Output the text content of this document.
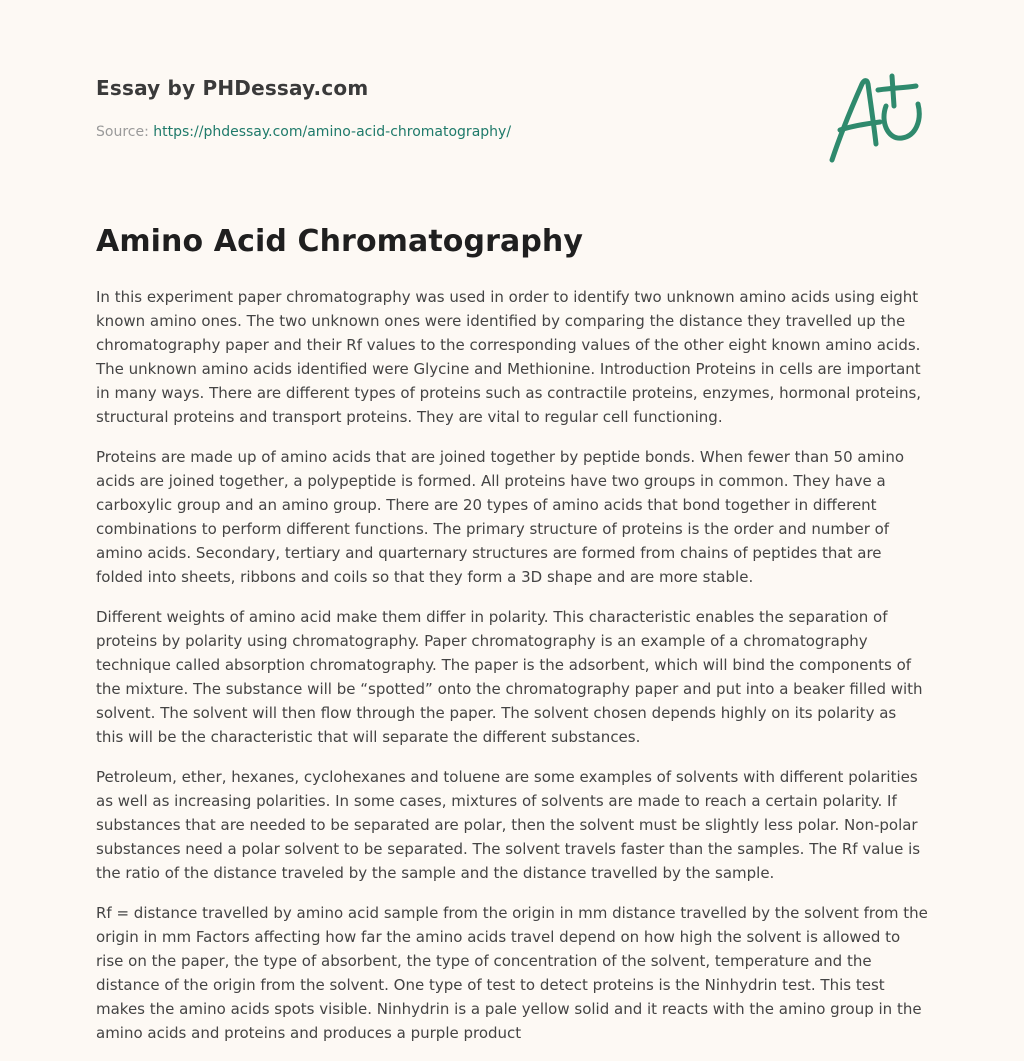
Essay by PHDessay.com

Source: https://phdessay.com/amino-acid-chromatography/

Amino Acid Chromatography

In this experiment paper chromatography was used in order to identify two unknown amino acids using eight known amino ones. The two unknown ones were identified by comparing the distance they travelled up the chromatography paper and their Rf values to the corresponding values of the other eight known amino acids. The unknown amino acids identified were Glycine and Methionine. Introduction Proteins in cells are important in many ways. There are different types of proteins such as contractile proteins, enzymes, hormonal proteins, structural proteins and transport proteins. They are vital to regular cell functioning.

Proteins are made up of amino acids that are joined together by peptide bonds. When fewer than 50 amino acids are joined together, a polypeptide is formed. All proteins have two groups in common. They have a carboxylic group and an amino group. There are 20 types of amino acids that bond together in different combinations to perform different functions. The primary structure of proteins is the order and number of amino acids. Secondary, tertiary and quarternary structures are formed from chains of peptides that are folded into sheets, ribbons and coils so that they form a 3D shape and are more stable.

Different weights of amino acid make them differ in polarity. This characteristic enables the separation of proteins by polarity using chromatography. Paper chromatography is an example of a chromatography technique called absorption chromatography. The paper is the adsorbent, which will bind the components of the mixture. The substance will be “spotted” onto the chromatography paper and put into a beaker filled with solvent. The solvent will then flow through the paper. The solvent chosen depends highly on its polarity as this will be the characteristic that will separate the different substances.

Petroleum, ether, hexanes, cyclohexanes and toluene are some examples of solvents with different polarities as well as increasing polarities. In some cases, mixtures of solvents are made to reach a certain polarity. If substances that are needed to be separated are polar, then the solvent must be slightly less polar. Non-polar substances need a polar solvent to be separated. The solvent travels faster than the samples. The Rf value is the ratio of the distance traveled by the sample and the distance travelled by the sample.

Rf = distance travelled by amino acid sample from the origin in mm distance travelled by the solvent from the origin in mm Factors affecting how far the amino acids travel depend on how high the solvent is allowed to rise on the paper, the type of absorbent, the type of concentration of the solvent, temperature and the distance of the origin from the solvent. One type of test to detect proteins is the Ninhydrin test. This test makes the amino acids spots visible. Ninhydrin is a pale yellow solid and it reacts with the amino group in the amino acids and proteins and produces a purple product
